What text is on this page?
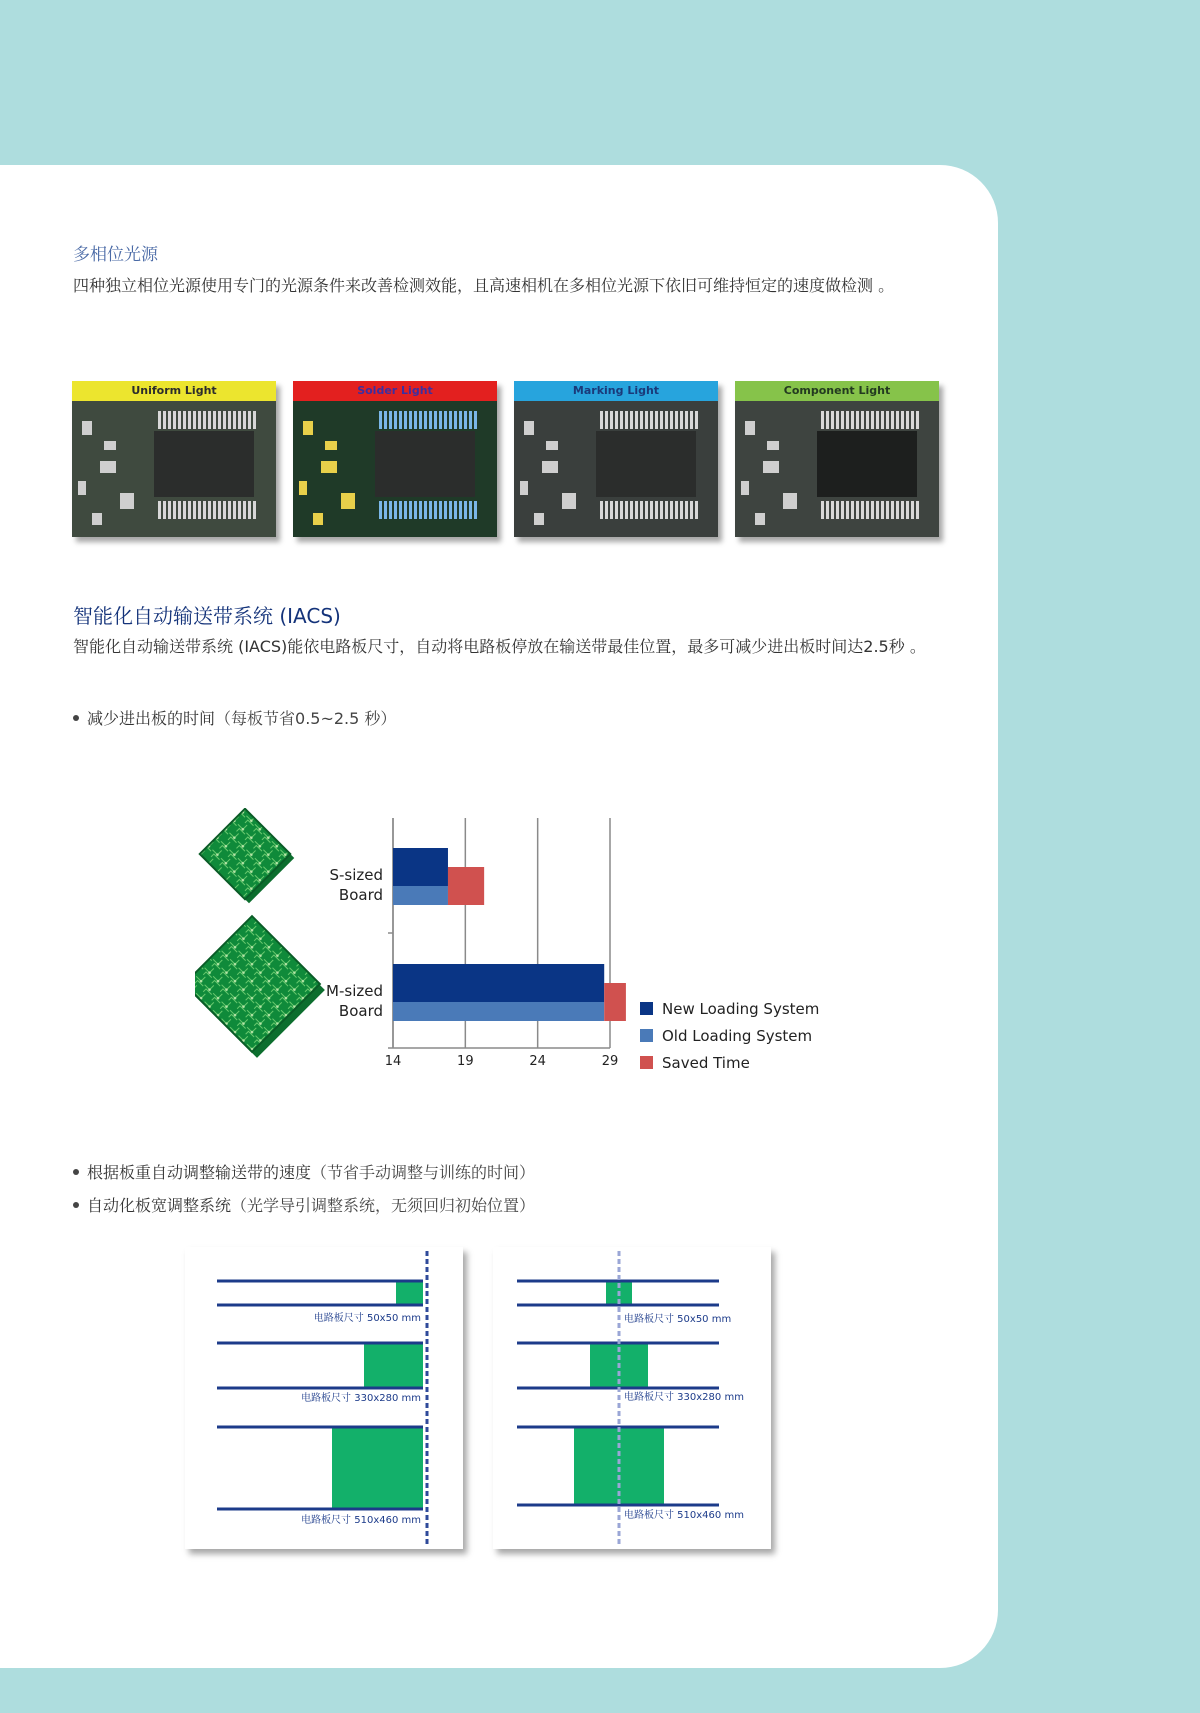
多相位光源
四种独立相位光源使用专门的光源条件来改善检测效能，且高速相机在多相位光源下依旧可维持恒定的速度做检测 。
Uniform Light	Solder Light	Marking Light	Component Light
智能化自动输送带系统 (IACS)
智能化自动输送带系统 (IACS)能依电路板尺寸，自动将电路板停放在输送带最佳位置，最多可减少进出板时间达2.5秒 。
减少进出板的时间（每板节省0.5~2.5 秒）
S-sized
Board
M-sized
Board
14	19	24	29
New Loading System
Old Loading System
Saved Time
根据板重自动调整输送带的速度（节省手动调整与训练的时间）
自动化板宽调整系统（光学导引调整系统，无须回归初始位置）
电路板尺寸 50x50 mm
电路板尺寸 330x280 mm
电路板尺寸 510x460 mm
电路板尺寸 50x50 mm
电路板尺寸 330x280 mm
电路板尺寸 510x460 mm
